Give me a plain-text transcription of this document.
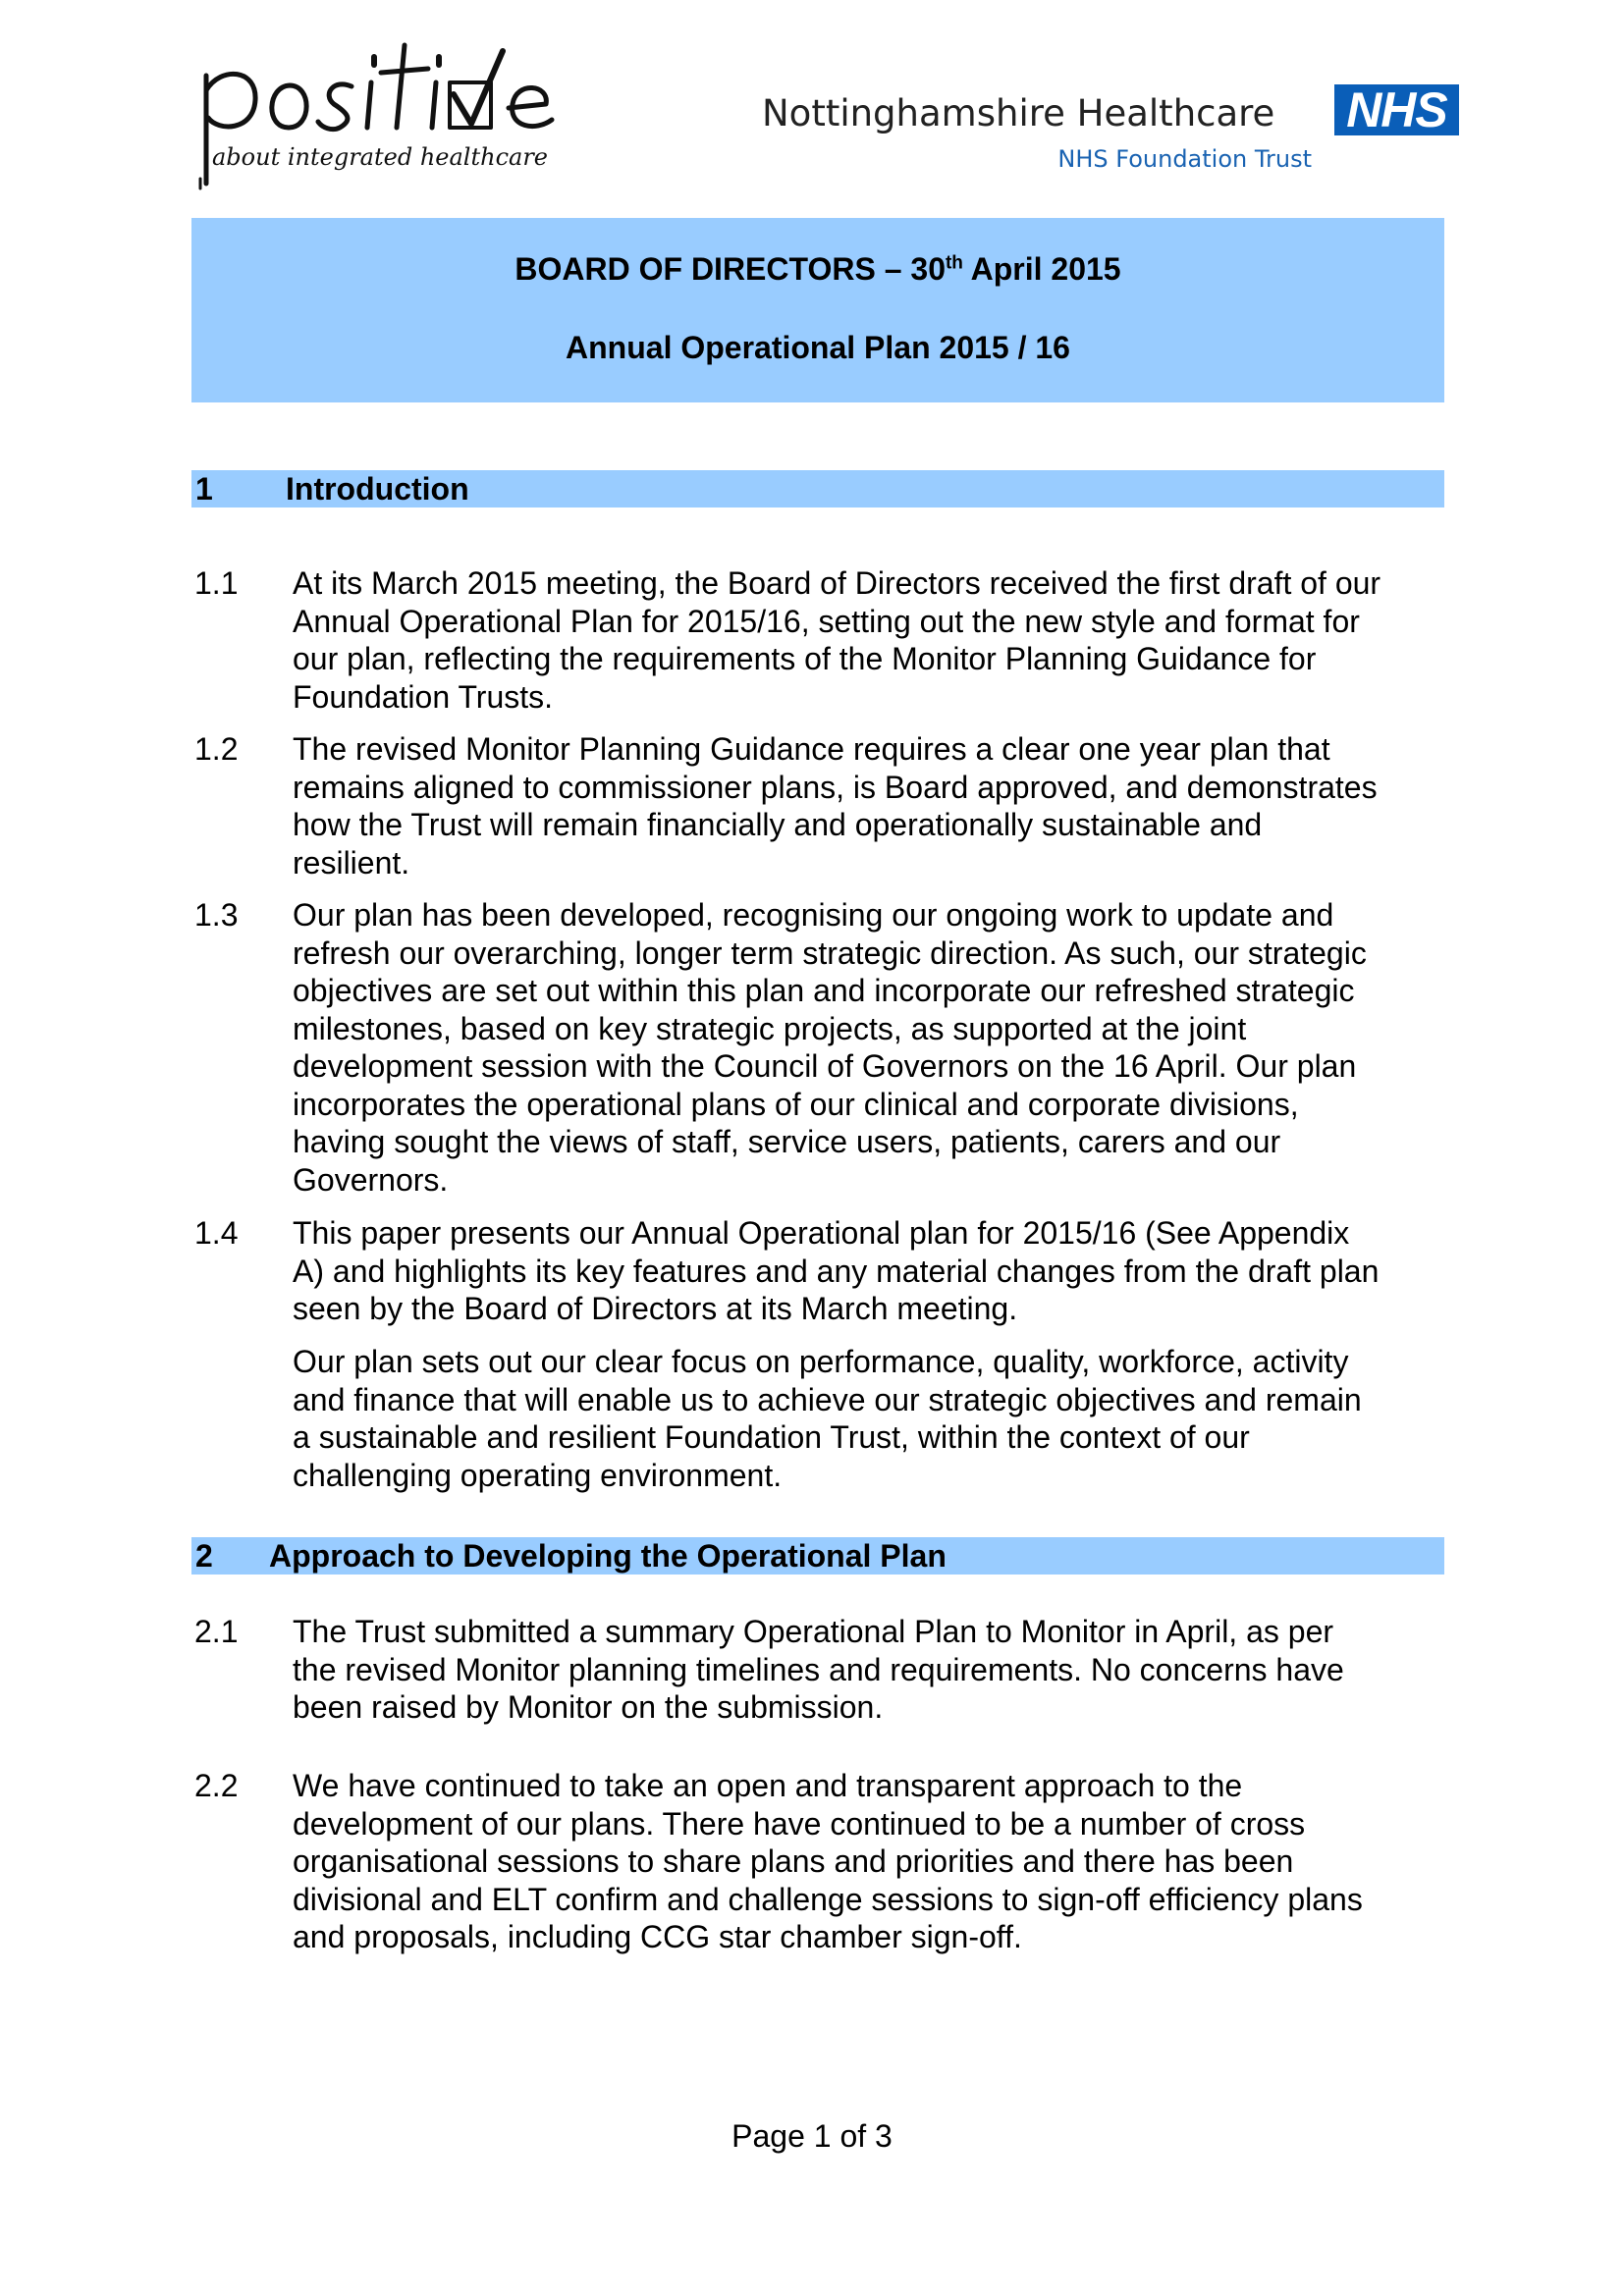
about integrated healthcare
Nottinghamshire Healthcare NHS
NHS Foundation Trust
BOARD OF DIRECTORS – 30th April 2015
Annual Operational Plan 2015 / 16
1 Introduction
1.1 At its March 2015 meeting, the Board of Directors received the first draft of our
Annual Operational Plan for 2015/16, setting out the new style and format for
our plan, reflecting the requirements of the Monitor Planning Guidance for
Foundation Trusts.
1.2 The revised Monitor Planning Guidance requires a clear one year plan that
remains aligned to commissioner plans, is Board approved, and demonstrates
how the Trust will remain financially and operationally sustainable and
resilient.
1.3 Our plan has been developed, recognising our ongoing work to update and
refresh our overarching, longer term strategic direction. As such, our strategic
objectives are set out within this plan and incorporate our refreshed strategic
milestones, based on key strategic projects, as supported at the joint
development session with the Council of Governors on the 16 April. Our plan
incorporates the operational plans of our clinical and corporate divisions,
having sought the views of staff, service users, patients, carers and our
Governors.
1.4 This paper presents our Annual Operational plan for 2015/16 (See Appendix
A) and highlights its key features and any material changes from the draft plan
seen by the Board of Directors at its March meeting.
Our plan sets out our clear focus on performance, quality, workforce, activity
and finance that will enable us to achieve our strategic objectives and remain
a sustainable and resilient Foundation Trust, within the context of our
challenging operating environment.
2 Approach to Developing the Operational Plan
2.1 The Trust submitted a summary Operational Plan to Monitor in April, as per
the revised Monitor planning timelines and requirements. No concerns have
been raised by Monitor on the submission.
2.2 We have continued to take an open and transparent approach to the
development of our plans. There have continued to be a number of cross
organisational sessions to share plans and priorities and there has been
divisional and ELT confirm and challenge sessions to sign-off efficiency plans
and proposals, including CCG star chamber sign-off.
Page 1 of 3
